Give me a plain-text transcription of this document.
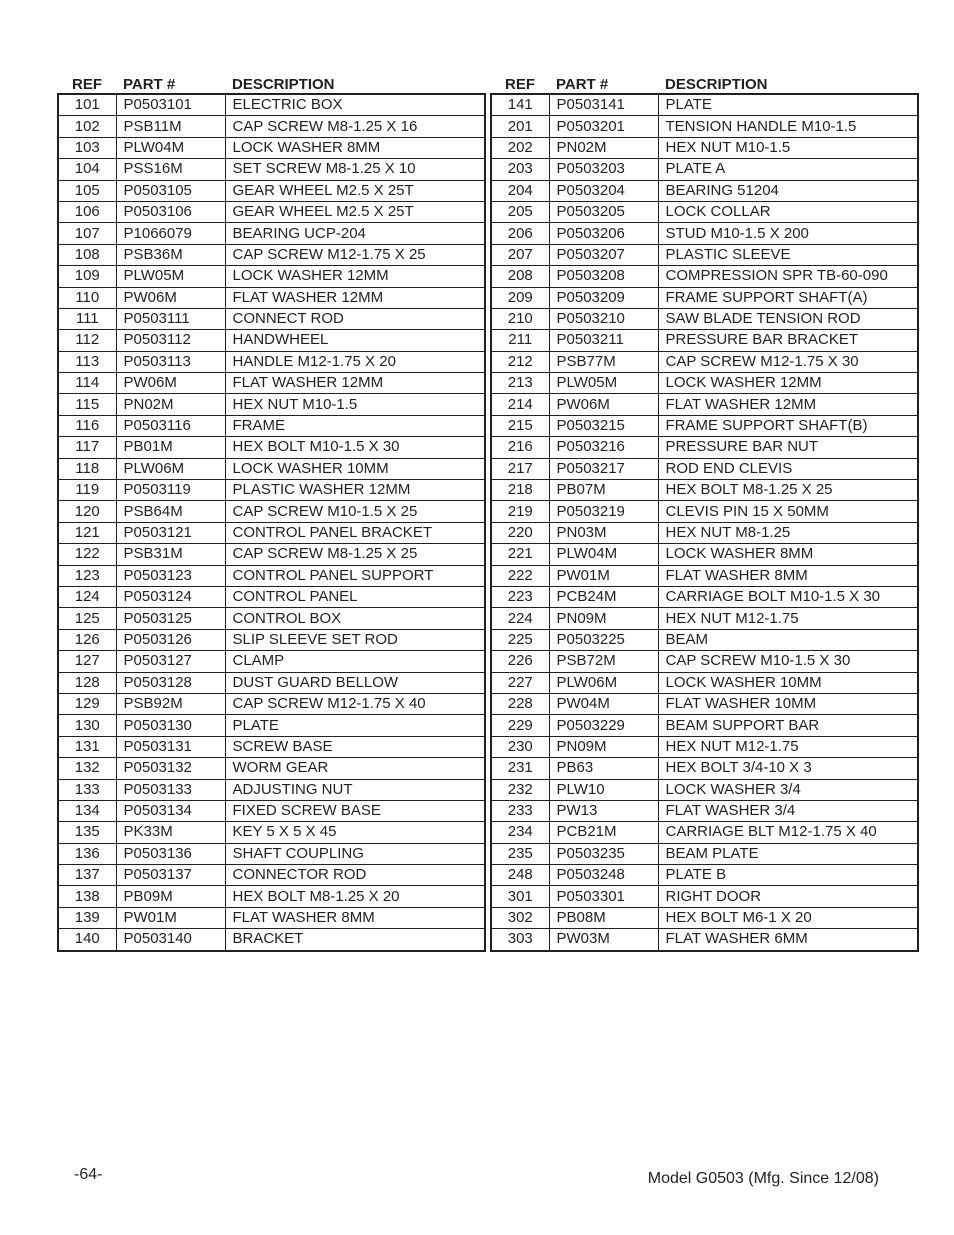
REF	PART #	DESCRIPTION
101	P0503101	ELECTRIC BOX
102	PSB11M	CAP SCREW M8-1.25 X 16
103	PLW04M	LOCK WASHER 8MM
104	PSS16M	SET SCREW M8-1.25 X 10
105	P0503105	GEAR WHEEL M2.5 X 25T
106	P0503106	GEAR WHEEL M2.5 X 25T
107	P1066079	BEARING UCP-204
108	PSB36M	CAP SCREW M12-1.75 X 25
109	PLW05M	LOCK WASHER 12MM
110	PW06M	FLAT WASHER 12MM
111	P0503111	CONNECT ROD
112	P0503112	HANDWHEEL
113	P0503113	HANDLE M12-1.75 X 20
114	PW06M	FLAT WASHER 12MM
115	PN02M	HEX NUT M10-1.5
116	P0503116	FRAME
117	PB01M	HEX BOLT M10-1.5 X 30
118	PLW06M	LOCK WASHER 10MM
119	P0503119	PLASTIC WASHER 12MM
120	PSB64M	CAP SCREW M10-1.5 X 25
121	P0503121	CONTROL PANEL BRACKET
122	PSB31M	CAP SCREW M8-1.25 X 25
123	P0503123	CONTROL PANEL SUPPORT
124	P0503124	CONTROL PANEL
125	P0503125	CONTROL BOX
126	P0503126	SLIP SLEEVE SET ROD
127	P0503127	CLAMP
128	P0503128	DUST GUARD BELLOW
129	PSB92M	CAP SCREW M12-1.75 X 40
130	P0503130	PLATE
131	P0503131	SCREW BASE
132	P0503132	WORM GEAR
133	P0503133	ADJUSTING NUT
134	P0503134	FIXED SCREW BASE
135	PK33M	KEY 5 X 5 X 45
136	P0503136	SHAFT COUPLING
137	P0503137	CONNECTOR ROD
138	PB09M	HEX BOLT M8-1.25 X 20
139	PW01M	FLAT WASHER 8MM
140	P0503140	BRACKET
REF	PART #	DESCRIPTION
141	P0503141	PLATE
201	P0503201	TENSION HANDLE M10-1.5
202	PN02M	HEX NUT M10-1.5
203	P0503203	PLATE A
204	P0503204	BEARING 51204
205	P0503205	LOCK COLLAR
206	P0503206	STUD M10-1.5 X 200
207	P0503207	PLASTIC SLEEVE
208	P0503208	COMPRESSION SPR TB-60-090
209	P0503209	FRAME SUPPORT SHAFT(A)
210	P0503210	SAW BLADE TENSION ROD
211	P0503211	PRESSURE BAR BRACKET
212	PSB77M	CAP SCREW M12-1.75 X 30
213	PLW05M	LOCK WASHER 12MM
214	PW06M	FLAT WASHER 12MM
215	P0503215	FRAME SUPPORT SHAFT(B)
216	P0503216	PRESSURE BAR NUT
217	P0503217	ROD END CLEVIS
218	PB07M	HEX BOLT M8-1.25 X 25
219	P0503219	CLEVIS PIN 15 X 50MM
220	PN03M	HEX NUT M8-1.25
221	PLW04M	LOCK WASHER 8MM
222	PW01M	FLAT WASHER 8MM
223	PCB24M	CARRIAGE BOLT M10-1.5 X 30
224	PN09M	HEX NUT M12-1.75
225	P0503225	BEAM
226	PSB72M	CAP SCREW M10-1.5 X 30
227	PLW06M	LOCK WASHER 10MM
228	PW04M	FLAT WASHER 10MM
229	P0503229	BEAM SUPPORT BAR
230	PN09M	HEX NUT M12-1.75
231	PB63	HEX BOLT 3/4-10 X 3
232	PLW10	LOCK WASHER 3/4
233	PW13	FLAT WASHER 3/4
234	PCB21M	CARRIAGE BLT M12-1.75 X 40
235	P0503235	BEAM PLATE
248	P0503248	PLATE B
301	P0503301	RIGHT DOOR
302	PB08M	HEX BOLT M6-1 X 20
303	PW03M	FLAT WASHER 6MM
-64-	Model G0503 (Mfg. Since 12/08)
